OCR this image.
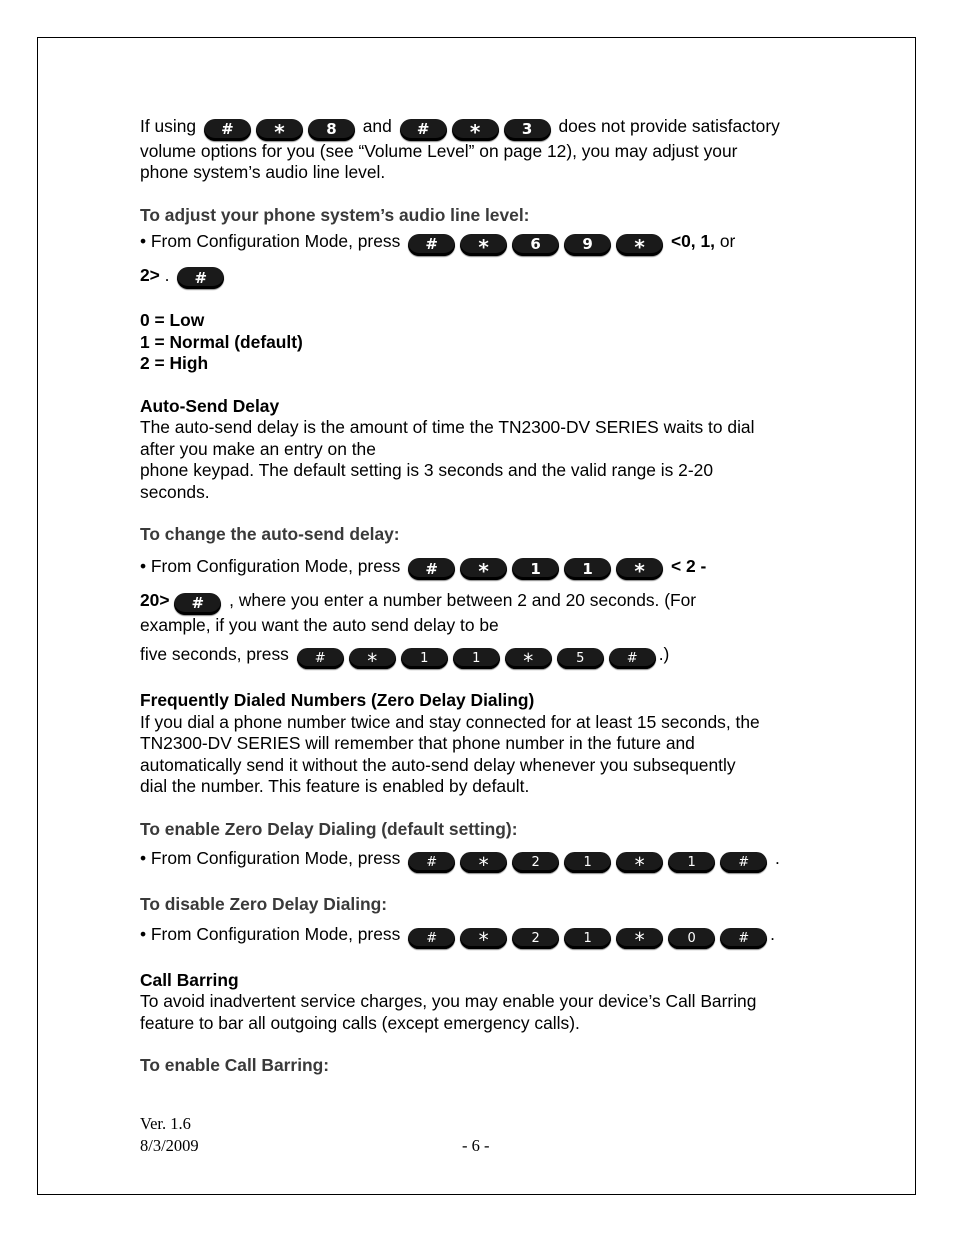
If using	#	*	8	and	#	*	3	does not provide satisfactory
volume options for you (see “Volume Level” on page 12), you may adjust your
phone system’s audio line level.

To adjust your phone system’s audio line level:

• From Configuration Mode, press	#	*	6	9	*	<0, 1, or

2> .	#

0 = Low
1 = Normal (default)
2 = High

Auto-Send Delay

The auto-send delay is the amount of time the TN2300-DV SERIES waits to dial
after you make an entry on the
phone keypad. The default setting is 3 seconds and the valid range is 2-20
seconds.

To change the auto-send delay:

• From Configuration Mode, press	#	*	1	1	*	< 2 -

20>	#	, where you enter a number between 2 and 20 seconds. (For
example, if you want the auto send delay to be

five seconds, press	#	*	1	1	*	5	#	.)

Frequently Dialed Numbers (Zero Delay Dialing)

If you dial a phone number twice and stay connected for at least 15 seconds, the
TN2300-DV SERIES will remember that phone number in the future and
automatically send it without the auto-send delay whenever you subsequently
dial the number. This feature is enabled by default.

To enable Zero Delay Dialing (default setting):

• From Configuration Mode, press	#	*	2	1	*	1	#	.

To disable Zero Delay Dialing:

• From Configuration Mode, press	#	*	2	1	*	0	#	.

Call Barring

To avoid inadvertent service charges, you may enable your device’s Call Barring
feature to bar all outgoing calls (except emergency calls).

To enable Call Barring:

Ver. 1.6
8/3/2009	- 6 -
